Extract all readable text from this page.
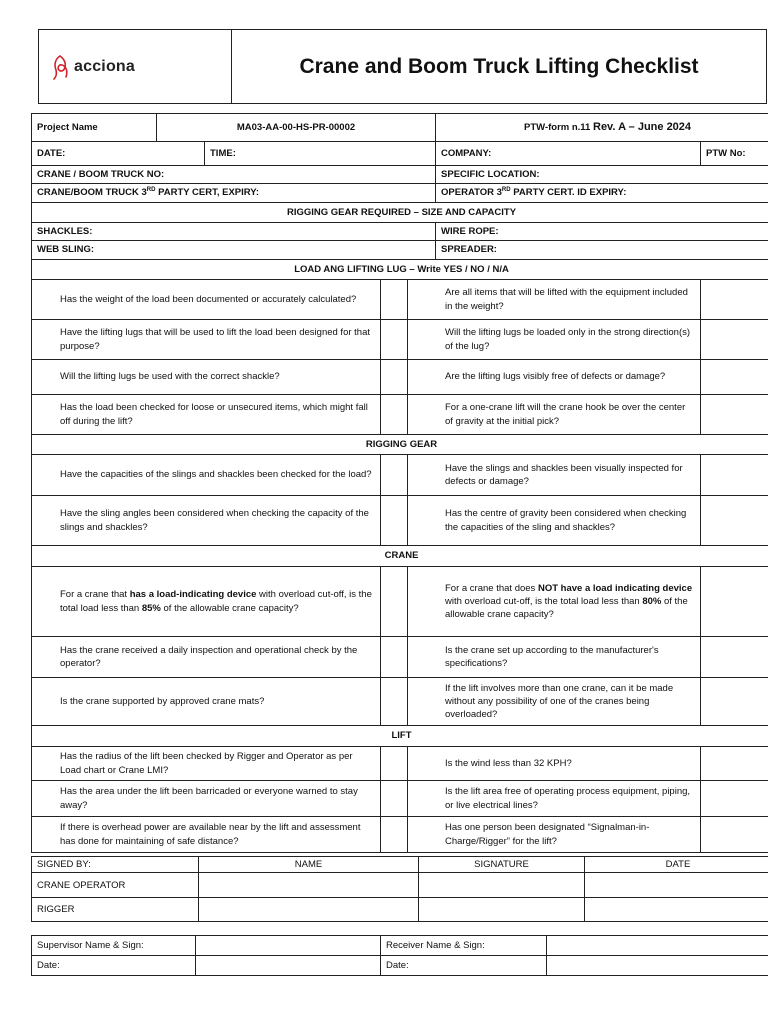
acciona	Crane and Boom Truck Lifting Checklist
Project Name	MA03-AA-00-HS-PR-00002				PTW-form n.11 Rev. A – June 2024	
DATE:		TIME:			COMPANY:	PTW No:
CRANE / BOOM TRUCK NO:					SPECIFIC LOCATION:	
CRANE/BOOM TRUCK 3RD PARTY CERT, EXPIRY:					OPERATOR 3RD PARTY CERT. ID EXPIRY:	
RIGGING GEAR REQUIRED – SIZE AND CAPACITY						
SHACKLES:					WIRE ROPE:	
WEB SLING:					SPREADER:	
LOAD ANG LIFTING LUG – Write YES / NO / N/A						
Has the weight of the load been documented or accurately calculated?				Are all items that will be lifted with the equipment included in the weight?		
Have the lifting lugs that will be used to lift the load been designed for that purpose?				Will the lifting lugs be loaded only in the strong direction(s) of the lug?		
Will the lifting lugs be used with the correct shackle?				Are the lifting lugs visibly free of defects or damage?		
Has the load been checked for loose or unsecured items, which might fall off during the lift?				For a one-crane lift will the crane hook be over the center of gravity at the initial pick?		
RIGGING GEAR						
Have the capacities of the slings and shackles been checked for the load?				Have the slings and shackles been visually inspected for defects or damage?		
Have the sling angles been considered when checking the capacity of the slings and shackles?				Has the centre of gravity been considered when checking the capacities of the sling and shackles?		
CRANE						
For a crane that has a load-indicating device with overload cut-off, is the total load less than 85% of the allowable crane capacity?				For a crane that does NOT have a load indicating device with overload cut-off, is the total load less than 80% of the allowable crane capacity?		
Has the crane received a daily inspection and operational check by the operator?				Is the crane set up according to the manufacturer's specifications?		
Is the crane supported by approved crane mats?				If the lift involves more than one crane, can it be made without any possibility of one of the cranes being overloaded?		
LIFT						
Has the radius of the lift been checked by Rigger and Operator as per Load chart or Crane LMI?				Is the wind less than 32 KPH?		
Has the area under the lift been barricaded or everyone warned to stay away?				Is the lift area free of operating process equipment, piping, or live electrical lines?		
If there is overhead power are available near by the lift and assessment has done for maintaining of safe distance?				Has one person been designated “Signalman-in-Charge/Rigger” for the lift?		
SIGNED BY:	NAME	SIGNATURE	DATE
CRANE OPERATOR			
RIGGER			
Supervisor Name & Sign:		Receiver Name & Sign:	
Date:		Date:	
